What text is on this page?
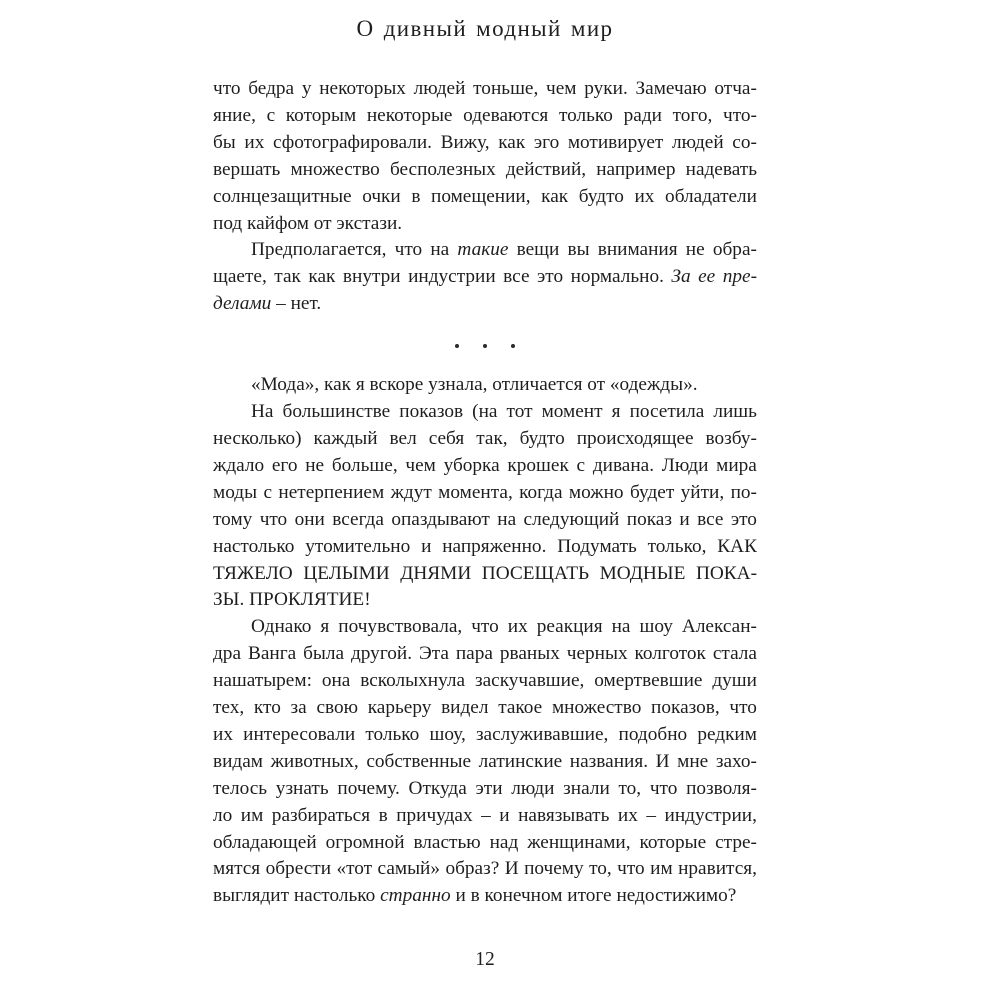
О дивный модный мир
что бедра у некоторых людей тоньше, чем руки. Замечаю отча-
яние, с которым некоторые одеваются только ради того, что-
бы их сфотографировали. Вижу, как эго мотивирует людей со-
вершать множество бесполезных действий, например надевать
солнцезащитные очки в помещении, как будто их обладатели
под кайфом от экстази.
Предполагается, что на такие вещи вы внимания не обра-
щаете, так как внутри индустрии все это нормально. За ее пре-
делами – нет.
«Мода», как я вскоре узнала, отличается от «одежды».
На большинстве показов (на тот момент я посетила лишь
несколько) каждый вел себя так, будто происходящее возбу-
ждало его не больше, чем уборка крошек с дивана. Люди мира
моды с нетерпением ждут момента, когда можно будет уйти, по-
тому что они всегда опаздывают на следующий показ и все это
настолько утомительно и напряженно. Подумать только, КАК
ТЯЖЕЛО ЦЕЛЫМИ ДНЯМИ ПОСЕЩАТЬ МОДНЫЕ ПОКА-
ЗЫ. ПРОКЛЯТИЕ!
Однако я почувствовала, что их реакция на шоу Алексан-
дра Ванга была другой. Эта пара рваных черных колготок стала
нашатырем: она всколыхнула заскучавшие, омертвевшие души
тех, кто за свою карьеру видел такое множество показов, что
их интересовали только шоу, заслуживавшие, подобно редким
видам животных, собственные латинские названия. И мне захо-
телось узнать почему. Откуда эти люди знали то, что позволя-
ло им разбираться в причудах – и навязывать их – индустрии,
обладающей огромной властью над женщинами, которые стре-
мятся обрести «тот самый» образ? И почему то, что им нравится,
выглядит настолько странно и в конечном итоге недостижимо?
12
